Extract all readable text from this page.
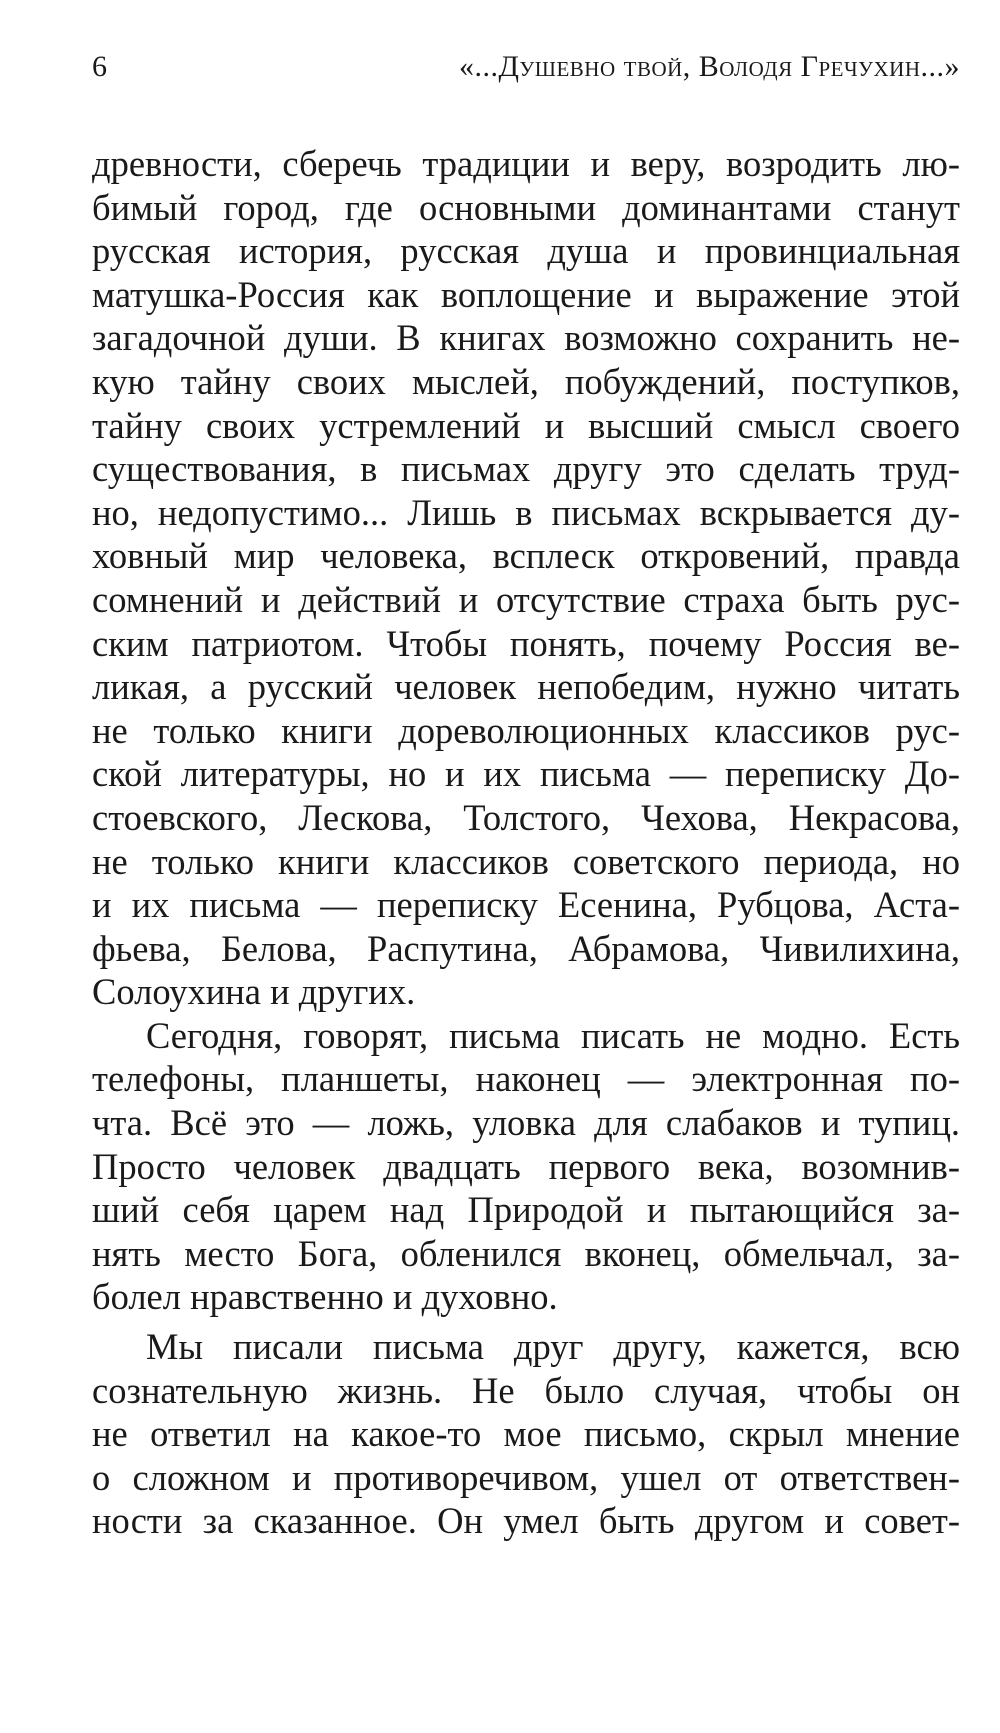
6	«...Душевно твой, Володя Гречухин...»
древности, сберечь традиции и веру, возродить лю-
бимый город, где основными доминантами станут
русская история, русская душа и провинциальная
матушка-Россия как воплощение и выражение этой
загадочной души. В книгах возможно сохранить не-
кую тайну своих мыслей, побуждений, поступков,
тайну своих устремлений и высший смысл своего
существования, в письмах другу это сделать труд-
но, недопустимо... Лишь в письмах вскрывается ду-
ховный мир человека, всплеск откровений, правда
сомнений и действий и отсутствие страха быть рус-
ским патриотом. Чтобы понять, почему Россия ве-
ликая, а русский человек непобедим, нужно читать
не только книги дореволюционных классиков рус-
ской литературы, но и их письма — переписку До-
стоевского, Лескова, Толстого, Чехова, Некрасова,
не только книги классиков советского периода, но
и их письма — переписку Есенина, Рубцова, Аста-
фьева, Белова, Распутина, Абрамова, Чивилихина,
Солоухина и других.
Сегодня, говорят, письма писать не модно. Есть
телефоны, планшеты, наконец — электронная по-
чта. Всё это — ложь, уловка для слабаков и тупиц.
Просто человек двадцать первого века, возомнив-
ший себя царем над Природой и пытающийся за-
нять место Бога, обленился вконец, обмельчал, за-
болел нравственно и духовно.
Мы писали письма друг другу, кажется, всю
сознательную жизнь. Не было случая, чтобы он
не ответил на какое-то мое письмо, скрыл мнение
о сложном и противоречивом, ушел от ответствен-
ности за сказанное. Он умел быть другом и совет-
